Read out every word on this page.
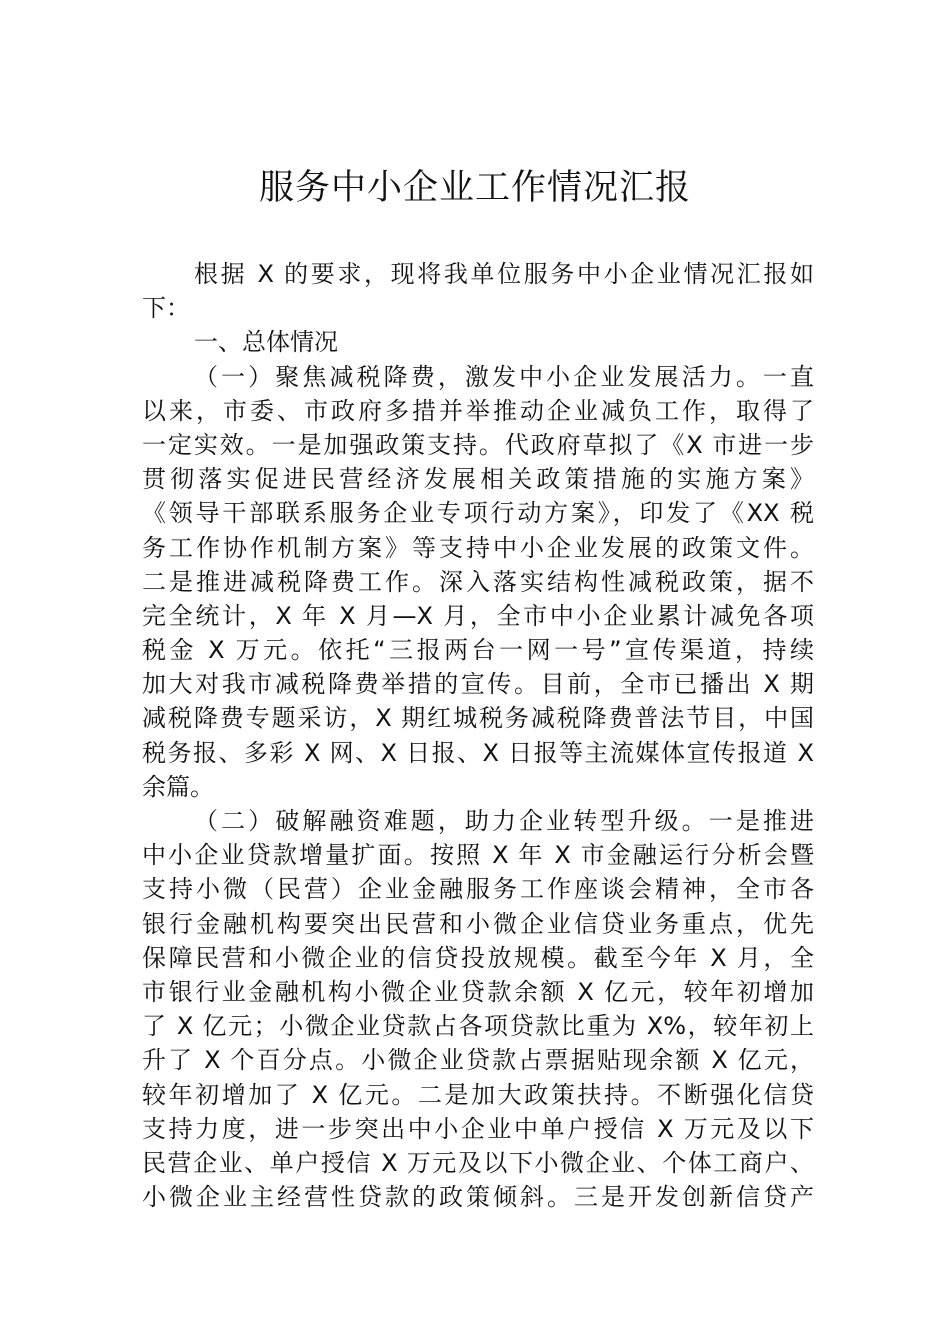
服务中小企业工作情况汇报
根据 X 的要求，现将我单位服务中小企业情况汇报如
下：
一、总体情况
（一）聚焦减税降费，激发中小企业发展活力。一直
以来，市委、市政府多措并举推动企业减负工作，取得了
一定实效。一是加强政策支持。代政府草拟了《X 市进一步
贯彻落实促进民营经济发展相关政策措施的实施方案》
《领导干部联系服务企业专项行动方案》，印发了《XX 税
务工作协作机制方案》等支持中小企业发展的政策文件。
二是推进减税降费工作。深入落实结构性减税政策，据不
完全统计，X 年 X 月—X 月，全市中小企业累计减免各项
税金 X 万元。依托“三报两台一网一号”宣传渠道，持续
加大对我市减税降费举措的宣传。目前，全市已播出 X 期
减税降费专题采访，X 期红城税务减税降费普法节目，中国
税务报、多彩 X 网、X 日报、X 日报等主流媒体宣传报道 X
余篇。
（二）破解融资难题，助力企业转型升级。一是推进
中小企业贷款增量扩面。按照 X 年 X 市金融运行分析会暨
支持小微（民营）企业金融服务工作座谈会精神，全市各
银行金融机构要突出民营和小微企业信贷业务重点，优先
保障民营和小微企业的信贷投放规模。截至今年 X 月，全
市银行业金融机构小微企业贷款余额 X 亿元，较年初增加
了 X 亿元；小微企业贷款占各项贷款比重为 X%，较年初上
升了 X 个百分点。小微企业贷款占票据贴现余额 X 亿元，
较年初增加了 X 亿元。二是加大政策扶持。不断强化信贷
支持力度，进一步突出中小企业中单户授信 X 万元及以下
民营企业、单户授信 X 万元及以下小微企业、个体工商户、
小微企业主经营性贷款的政策倾斜。三是开发创新信贷产
